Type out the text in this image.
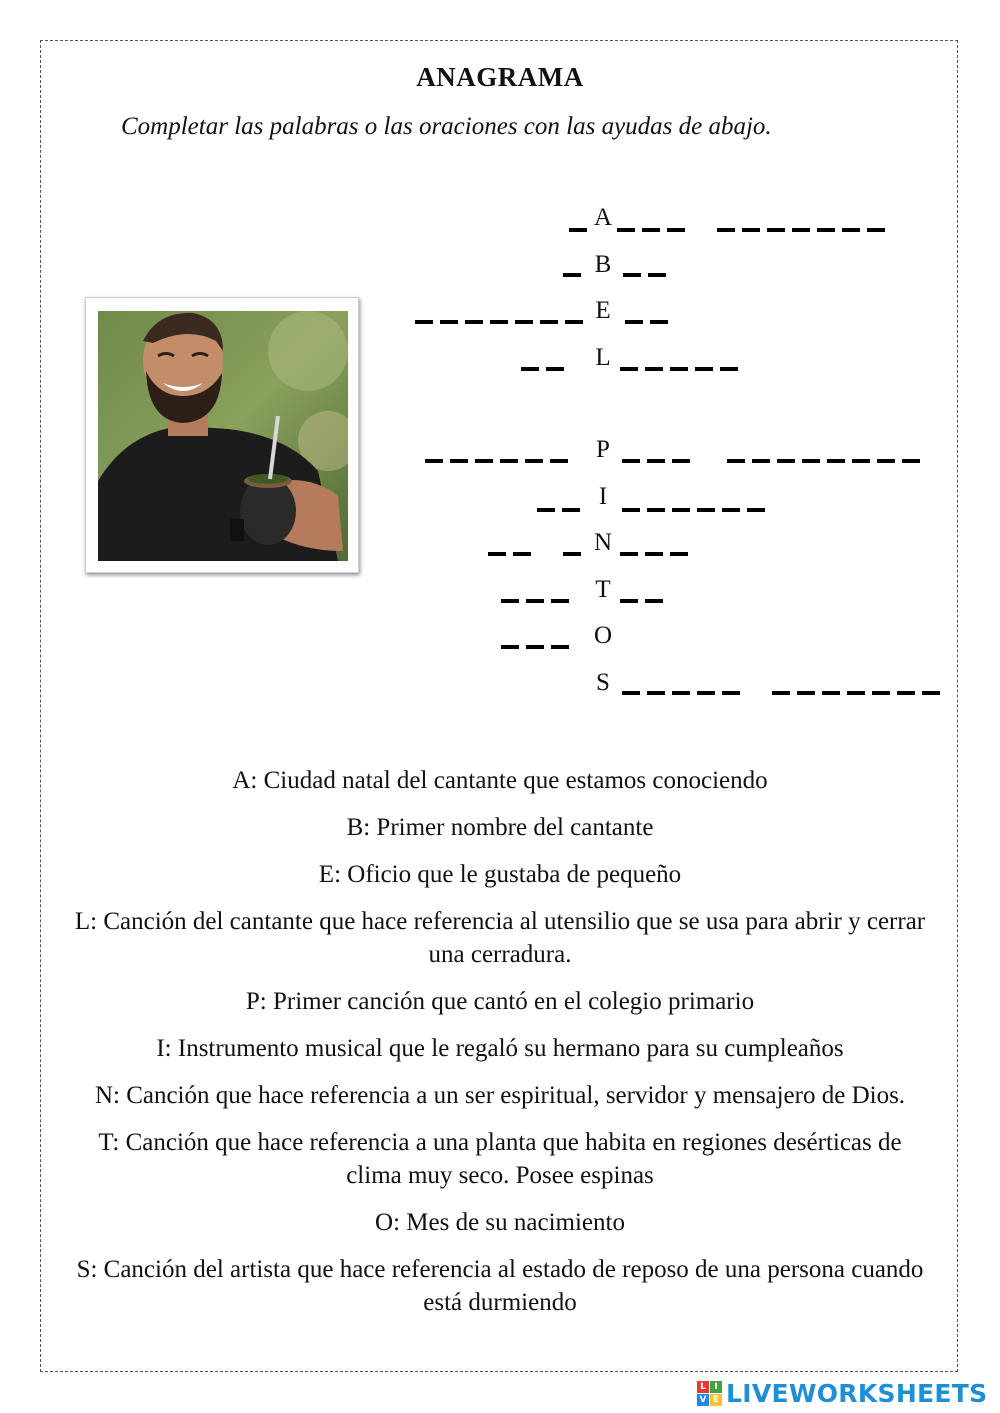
ANAGRAMA
Completar las palabras o las oraciones con las ayudas de abajo.
A
B
E
L
P
I
N
T
O
S
A: Ciudad natal del cantante que estamos conociendo
B: Primer nombre del cantante
E: Oficio que le gustaba de pequeño
L: Canción del cantante que hace referencia al utensilio que se usa para abrir y cerrar una cerradura.
P: Primer canción que cantó en el colegio primario
I: Instrumento musical que le regaló su hermano para su cumpleaños
N: Canción que hace referencia a un ser espiritual, servidor y mensajero de Dios.
T: Canción que hace referencia a una planta que habita en regiones desérticas de clima muy seco. Posee espinas
O: Mes de su nacimiento
S: Canción del artista que hace referencia al estado de reposo de una persona cuando está durmiendo
L I
V E LIVEWORKSHEETS
